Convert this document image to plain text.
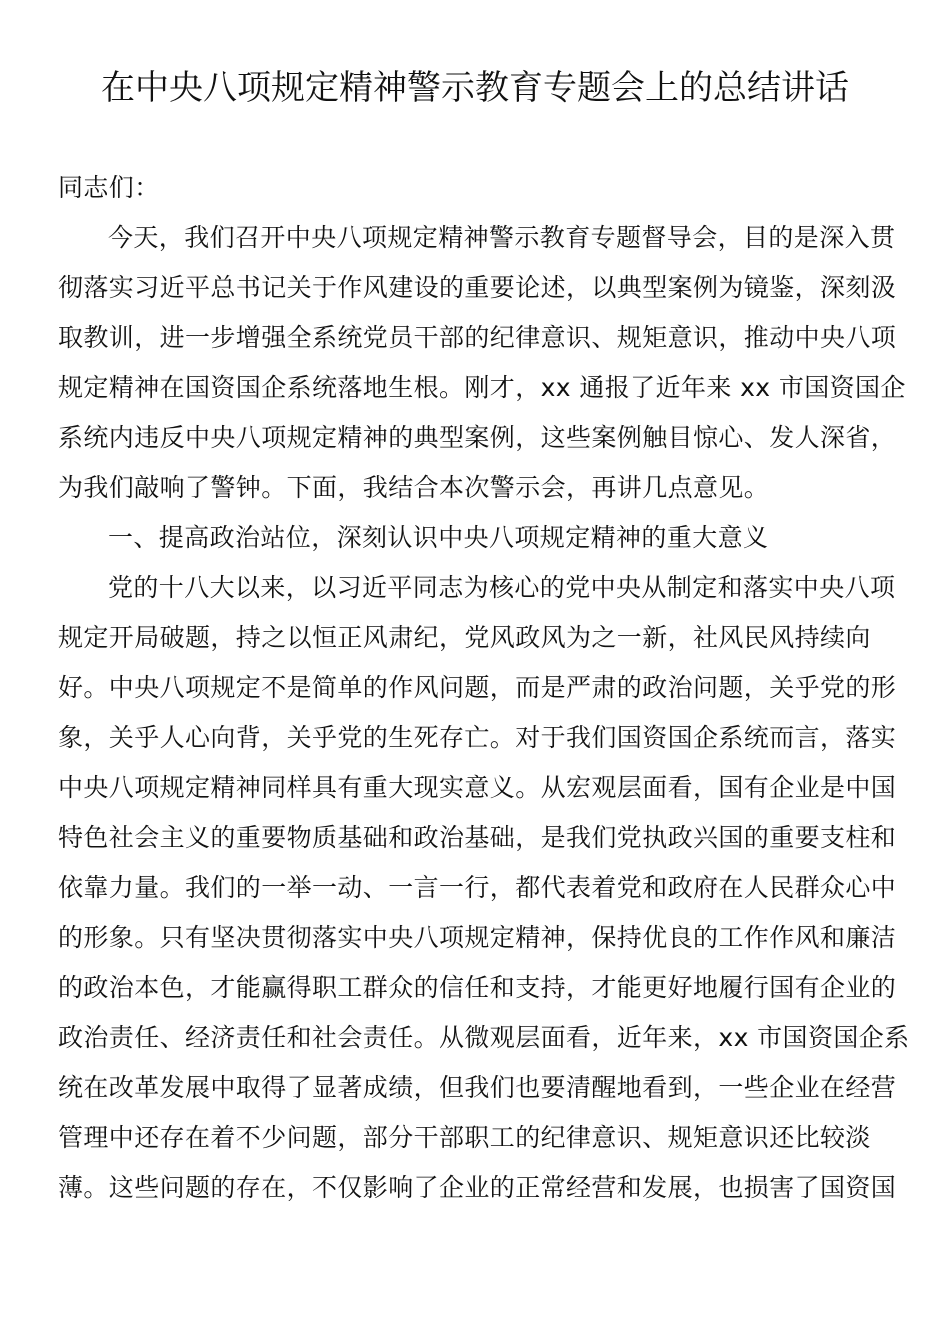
在中央八项规定精神警示教育专题会上的总结讲话
同志们：
今天，我们召开中央八项规定精神警示教育专题督导会，目的是深入贯
彻落实习近平总书记关于作风建设的重要论述，以典型案例为镜鉴，深刻汲
取教训，进一步增强全系统党员干部的纪律意识、规矩意识，推动中央八项
规定精神在国资国企系统落地生根。刚才，xx 通报了近年来 xx 市国资国企
系统内违反中央八项规定精神的典型案例，这些案例触目惊心、发人深省，
为我们敲响了警钟。下面，我结合本次警示会，再讲几点意见。
一、提高政治站位，深刻认识中央八项规定精神的重大意义
党的十八大以来，以习近平同志为核心的党中央从制定和落实中央八项
规定开局破题，持之以恒正风肃纪，党风政风为之一新，社风民风持续向
好。中央八项规定不是简单的作风问题，而是严肃的政治问题，关乎党的形
象，关乎人心向背，关乎党的生死存亡。对于我们国资国企系统而言，落实
中央八项规定精神同样具有重大现实意义。从宏观层面看，国有企业是中国
特色社会主义的重要物质基础和政治基础，是我们党执政兴国的重要支柱和
依靠力量。我们的一举一动、一言一行，都代表着党和政府在人民群众心中
的形象。只有坚决贯彻落实中央八项规定精神，保持优良的工作作风和廉洁
的政治本色，才能赢得职工群众的信任和支持，才能更好地履行国有企业的
政治责任、经济责任和社会责任。从微观层面看，近年来，xx 市国资国企系
统在改革发展中取得了显著成绩，但我们也要清醒地看到，一些企业在经营
管理中还存在着不少问题，部分干部职工的纪律意识、规矩意识还比较淡
薄。这些问题的存在，不仅影响了企业的正常经营和发展，也损害了国资国
